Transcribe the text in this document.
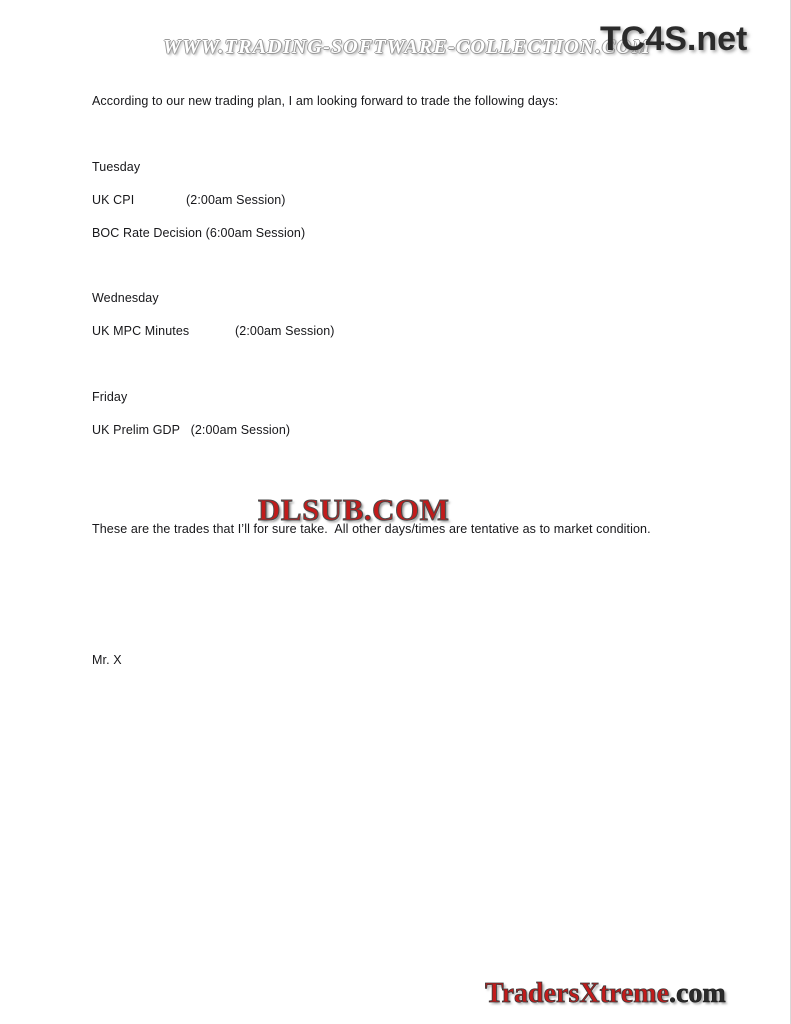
WWW.TRADING-SOFTWARE-COLLECTION.COM
TC4S.net
According to our new trading plan, I am looking forward to trade the following days:
Tuesday
UK CPI	(2:00am Session)
BOC Rate Decision (6:00am Session)
Wednesday
UK MPC Minutes	(2:00am Session)
Friday
UK Prelim GDP   (2:00am Session)
DLSUB.COM
These are the trades that I’ll for sure take.  All other days/times are tentative as to market condition.
Mr. X
TradersXtreme.com
